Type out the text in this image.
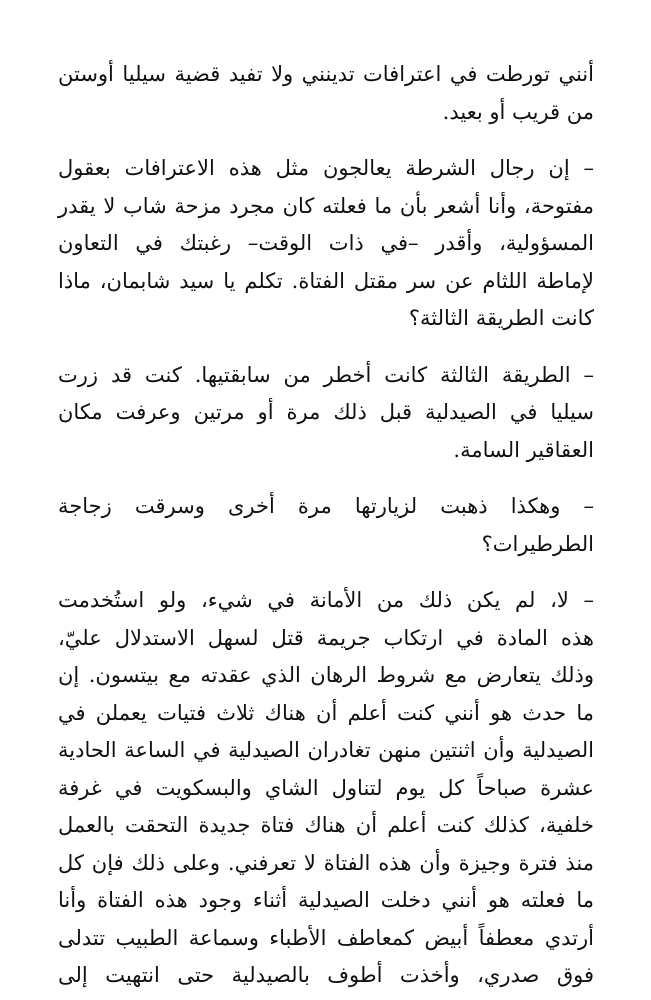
أنني تورطت في اعترافات تدينني ولا تفيد قضية سيليا أوستن
من قريب أو بعيد.

– إن رجال الشرطة يعالجون مثل هذه الاعترافات بعقول
مفتوحة، وأنا أشعر بأن ما فعلته كان مجرد مزحة شاب لا يقدر
المسؤولية، وأقدر –في ذات الوقت– رغبتك في التعاون
لإماطة اللثام عن سر مقتل الفتاة. تكلم يا سيد شابمان، ماذا
كانت الطريقة الثالثة؟

– الطريقة الثالثة كانت أخطر من سابقتيها. كنت قد زرت
سيليا في الصيدلية قبل ذلك مرة أو مرتين وعرفت مكان
العقاقير السامة.

– وهكذا ذهبت لزيارتها مرة أخرى وسرقت زجاجة
الطرطيرات؟

– لا، لم يكن ذلك من الأمانة في شيء، ولو استُخدمت
هذه المادة في ارتكاب جريمة قتل لسهل الاستدلال عليّ،
وذلك يتعارض مع شروط الرهان الذي عقدته مع بيتسون. إن
ما حدث هو أنني كنت أعلم أن هناك ثلاث فتيات يعملن في
الصيدلية وأن اثنتين منهن تغادران الصيدلية في الساعة الحادية
عشرة صباحاً كل يوم لتناول الشاي والبسكويت في غرفة
خلفية، كذلك كنت أعلم أن هناك فتاة جديدة التحقت بالعمل
منذ فترة وجيزة وأن هذه الفتاة لا تعرفني. وعلى ذلك فإن كل
ما فعلته هو أنني دخلت الصيدلية أثناء وجود هذه الفتاة وأنا
أرتدي معطفاً أبيض كمعاطف الأطباء وسماعة الطبيب تتدلى
فوق صدري، وأخذت أطوف بالصيدلية حتى انتهيت إلى
